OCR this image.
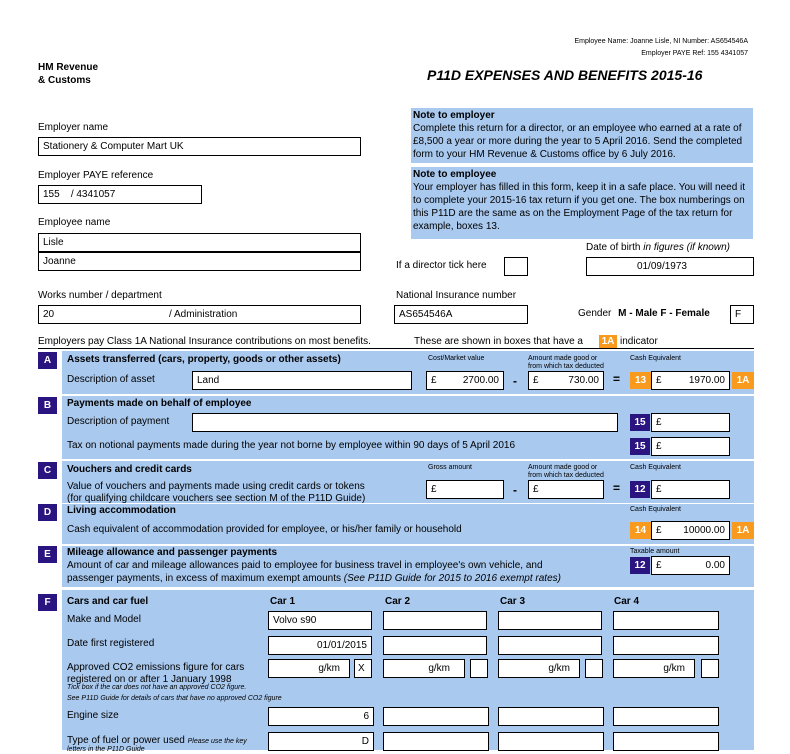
Employee Name: Joanne Lisle, NI Number: AS654546A
Employer PAYE Ref: 155 4341057
HM Revenue
& Customs	P11D EXPENSES AND BENEFITS 2015-16
Note to employer
Complete this return for a director, or an employee who earned at a rate of £8,500 a year or more during the year to 5 April 2016. Send the completed form to your HM Revenue & Customs office by 6 July 2016.
Note to employee
Your employer has filled in this form, keep it in a safe place. You will need it to complete your 2015-16 tax return if you get one. The box numberings on this P11D are the same as on the Employment Page of the tax return for example, boxes 13.
Employer name
Stationery & Computer Mart UK
Employer PAYE reference
155 / 4341057
Employee name
Lisle
Joanne
Date of birth in figures (if known)
01/09/1973
If a director tick here
Works number / department
20	/ Administration
National Insurance number
AS654546A	Gender M - Male F - Female	F
Employers pay Class 1A National Insurance contributions on most benefits.	These are shown in boxes that have a 1A indicator
A	Assets transferred (cars, property, goods or other assets)	Cost/Market value	Amount made good or
from which tax deducted
Cash Equivalent
Description of asset	Land	£	2700.00 -	£	730.00 =	13 £	1970.00	1A
B	Payments made on behalf of employee
Description of payment	15	£
Tax on notional payments made during the year not borne by employee within 90 days of 5 April 2016	15	£
C	Vouchers and credit cards	Gross amount	Amount made good or
from which tax deducted
Cash Equivalent
Value of vouchers and payments made using credit cards or tokens
(for qualifying childcare vouchers see section M of the P11D Guide)
£	-	£	=	12	£
D	Living accommodation	Cash Equivalent
Cash equivalent of accommodation provided for employee, or his/her family or household	14 £ 10000.00	1A
E	Mileage allowance and passenger payments	Taxable amount
Amount of car and mileage allowances paid to employee for business travel in employee's own vehicle, and
passenger payments, in excess of maximum exempt amounts (See P11D Guide for 2015 to 2016 exempt rates)
12	£	0.00
F	Cars and car fuel	Car 1	Car 2	Car 3	Car 4
Make and Model	Volvo s90
Date first registered	01/01/2015
Approved CO2 emissions figure for cars
registered on or after 1 January 1998
g/km	X	g/km	g/km	g/km
Tick box if the car does not have an approved CO2 figure.
See P11D Guide for details of cars that have no approved CO2 figure
Engine size	6
Type of fuel or power used Please use the key
letters in the P11D Guide
D
